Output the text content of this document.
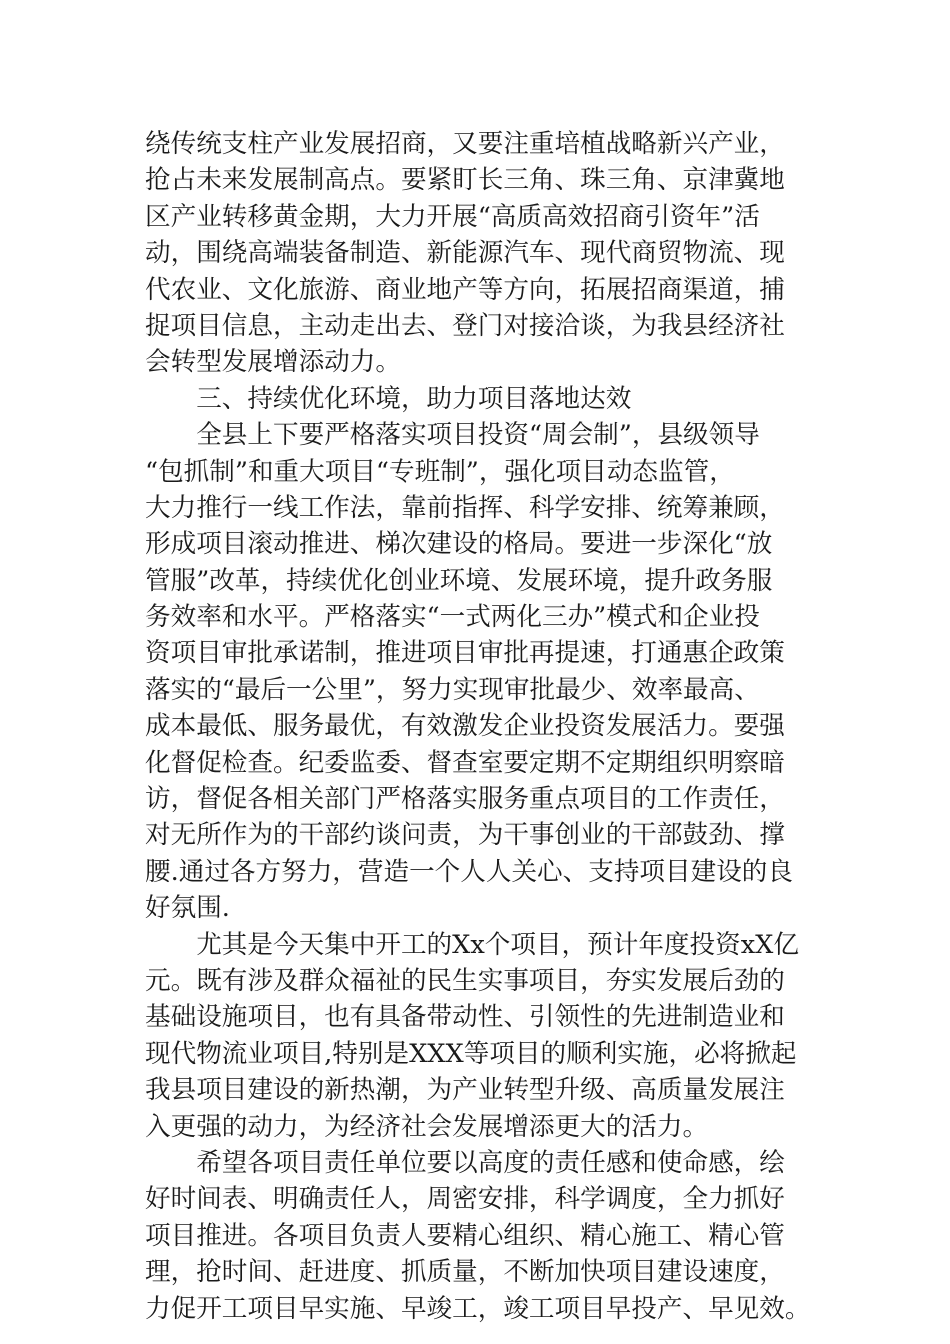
绕传统支柱产业发展招商，又要注重培植战略新兴产业，
抢占未来发展制高点。要紧盯长三角、珠三角、京津冀地
区产业转移黄金期，大力开展“高质高效招商引资年”活
动，围绕高端装备制造、新能源汽车、现代商贸物流、现
代农业、文化旅游、商业地产等方向，拓展招商渠道，捕
捉项目信息，主动走出去、登门对接洽谈，为我县经济社
会转型发展增添动力。
　　三、持续优化环境，助力项目落地达效
　　全县上下要严格落实项目投资“周会制”，县级领导
“包抓制”和重大项目“专班制”，强化项目动态监管，
大力推行一线工作法，靠前指挥、科学安排、统筹兼顾，
形成项目滚动推进、梯次建设的格局。要进一步深化“放
管服”改革，持续优化创业环境、发展环境，提升政务服
务效率和水平。严格落实“一式两化三办”模式和企业投
资项目审批承诺制，推进项目审批再提速，打通惠企政策
落实的“最后一公里”，努力实现审批最少、效率最高、
成本最低、服务最优，有效激发企业投资发展活力。要强
化督促检查。纪委监委、督查室要定期不定期组织明察暗
访，督促各相关部门严格落实服务重点项目的工作责任，
对无所作为的干部约谈问责，为干事创业的干部鼓劲、撑
腰.通过各方努力，营造一个人人关心、支持项目建设的良
好氛围.
　　尤其是今天集中开工的Xx个项目，预计年度投资xX亿
元。既有涉及群众福祉的民生实事项目，夯实发展后劲的
基础设施项目，也有具备带动性、引领性的先进制造业和
现代物流业项目,特别是XXX等项目的顺利实施，必将掀起
我县项目建设的新热潮，为产业转型升级、高质量发展注
入更强的动力，为经济社会发展增添更大的活力。
　　希望各项目责任单位要以高度的责任感和使命感，绘
好时间表、明确责任人，周密安排，科学调度，全力抓好
项目推进。各项目负责人要精心组织、精心施工、精心管
理，抢时间、赶进度、抓质量，不断加快项目建设速度，
力促开工项目早实施、早竣工，竣工项目早投产、早见效。
